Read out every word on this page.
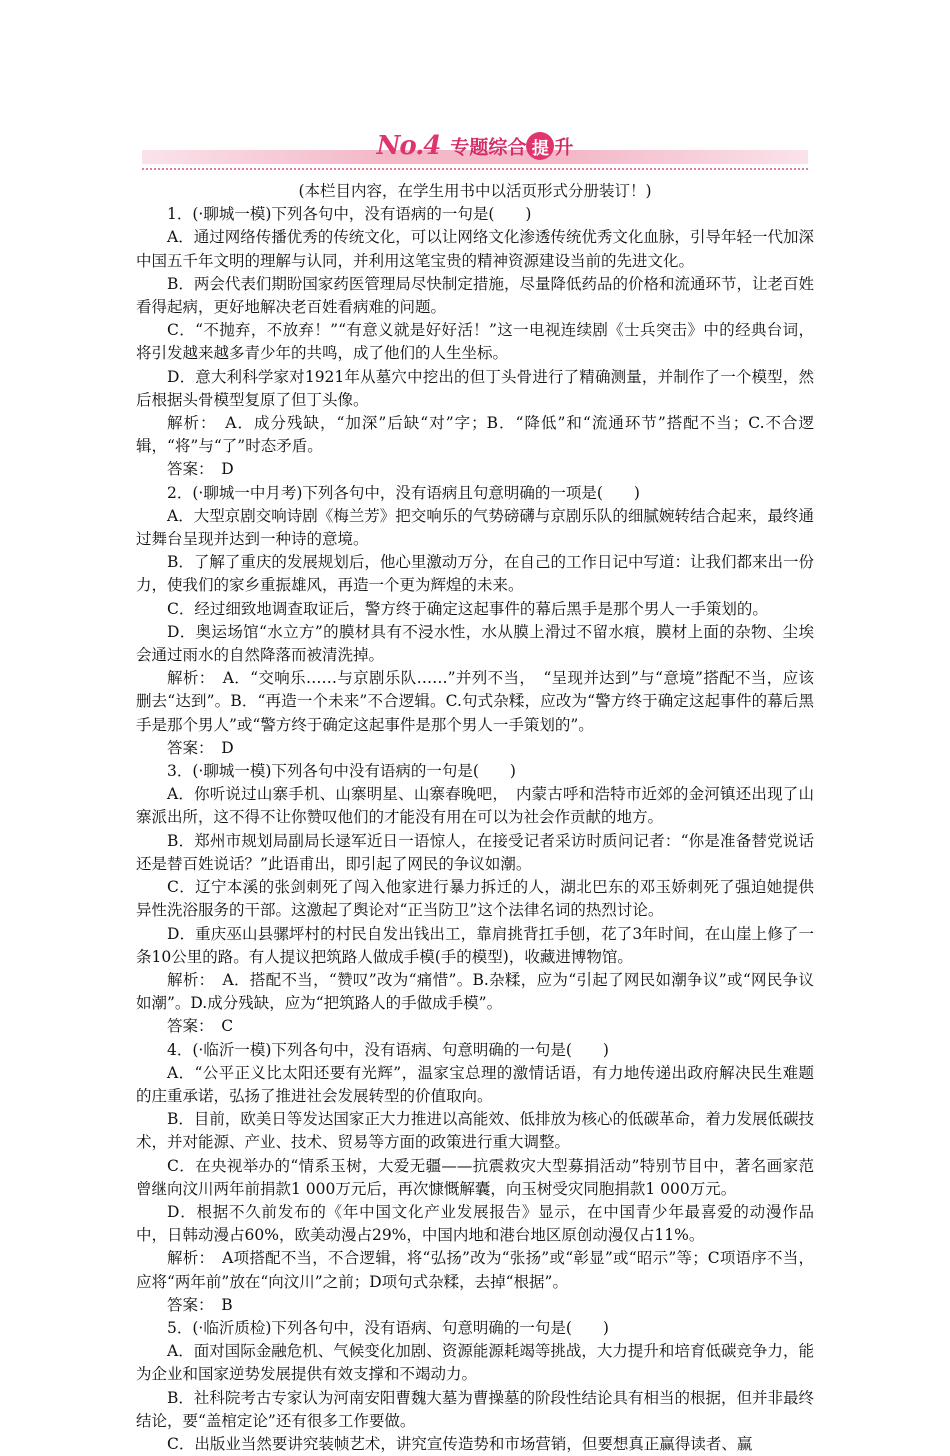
No.4 专题综合 提 升

(本栏目内容，在学生用书中以活页形式分册装订！)

1．(·聊城一模)下列各句中，没有语病的一句是(　　)

A．通过网络传播优秀的传统文化，可以让网络文化渗透传统优秀文化血脉，引导年轻一代加深中国五千年文明的理解与认同，并利用这笔宝贵的精神资源建设当前的先进文化。

B．两会代表们期盼国家药医管理局尽快制定措施，尽量降低药品的价格和流通环节，让老百姓看得起病，更好地解决老百姓看病难的问题。

C．“不抛弃，不放弃！”“有意义就是好好活！”这一电视连续剧《士兵突击》中的经典台词，将引发越来越多青少年的共鸣，成了他们的人生坐标。

D．意大利科学家对1921年从墓穴中挖出的但丁头骨进行了精确测量，并制作了一个模型，然后根据头骨模型复原了但丁头像。

解析：　A．成分残缺，“加深”后缺“对”字；B．“降低”和“流通环节”搭配不当；C.不合逻辑，“将”与“了”时态矛盾。

答案：　D

2．(·聊城一中月考)下列各句中，没有语病且句意明确的一项是(　　)

A．大型京剧交响诗剧《梅兰芳》把交响乐的气势磅礴与京剧乐队的细腻婉转结合起来，最终通过舞台呈现并达到一种诗的意境。

B．了解了重庆的发展规划后，他心里激动万分，在自己的工作日记中写道：让我们都来出一份力，使我们的家乡重振雄风，再造一个更为辉煌的未来。

C．经过细致地调查取证后，警方终于确定这起事件的幕后黑手是那个男人一手策划的。

D．奥运场馆“水立方”的膜材具有不浸水性，水从膜上滑过不留水痕，膜材上面的杂物、尘埃会通过雨水的自然降落而被清洗掉。

解析：　A．“交响乐……与京剧乐队……”并列不当，　“呈现并达到”与“意境”搭配不当，应该删去“达到”。B．“再造一个未来”不合逻辑。C.句式杂糅，应改为“警方终于确定这起事件的幕后黑手是那个男人”或“警方终于确定这起事件是那个男人一手策划的”。

答案：　D

3．(·聊城一模)下列各句中没有语病的一句是(　　)

A．你听说过山寨手机、山寨明星、山寨春晚吧，　内蒙古呼和浩特市近郊的金河镇还出现了山寨派出所，这不得不让你赞叹他们的才能没有用在可以为社会作贡献的地方。

B．郑州市规划局副局长逯军近日一语惊人，在接受记者采访时质问记者：“你是准备替党说话还是替百姓说话？”此语甫出，即引起了网民的争议如潮。

C．辽宁本溪的张剑刺死了闯入他家进行暴力拆迁的人，湖北巴东的邓玉娇刺死了强迫她提供异性洗浴服务的干部。这激起了舆论对“正当防卫”这个法律名词的热烈讨论。

D．重庆巫山县骡坪村的村民自发出钱出工，靠肩挑背扛手刨，花了3年时间，在山崖上修了一条10公里的路。有人提议把筑路人做成手模(手的模型)，收藏进博物馆。

解析：　A．搭配不当，“赞叹”改为“痛惜”。B.杂糅，应为“引起了网民如潮争议”或“网民争议如潮”。D.成分残缺，应为“把筑路人的手做成手模”。

答案：　C

4．(·临沂一模)下列各句中，没有语病、句意明确的一句是(　　)

A．“公平正义比太阳还要有光辉”，温家宝总理的激情话语，有力地传递出政府解决民生难题的庄重承诺，弘扬了推进社会发展转型的价值取向。

B．目前，欧美日等发达国家正大力推进以高能效、低排放为核心的低碳革命，着力发展低碳技术，并对能源、产业、技术、贸易等方面的政策进行重大调整。

C．在央视举办的“情系玉树，大爱无疆——抗震救灾大型募捐活动”特别节目中，著名画家范曾继向汶川两年前捐款1 000万元后，再次慷慨解囊，向玉树受灾同胞捐款1 000万元。

D．根据不久前发布的《年中国文化产业发展报告》显示，在中国青少年最喜爱的动漫作品中，日韩动漫占60%，欧美动漫占29%，中国内地和港台地区原创动漫仅占11%。

解析：　A项搭配不当，不合逻辑，将“弘扬”改为“张扬”或“彰显”或“昭示”等；C项语序不当，应将“两年前”放在“向汶川”之前；D项句式杂糅，去掉“根据”。

答案：　B

5．(·临沂质检)下列各句中，没有语病、句意明确的一句是(　　)

A．面对国际金融危机、气候变化加剧、资源能源耗竭等挑战，大力提升和培育低碳竞争力，能为企业和国家逆势发展提供有效支撑和不竭动力。

B．社科院考古专家认为河南安阳曹魏大墓为曹操墓的阶段性结论具有相当的根据，但并非最终结论，要“盖棺定论”还有很多工作要做。

C．出版业当然要讲究装帧艺术，讲究宣传造势和市场营销，但要想真正赢得读者、赢
